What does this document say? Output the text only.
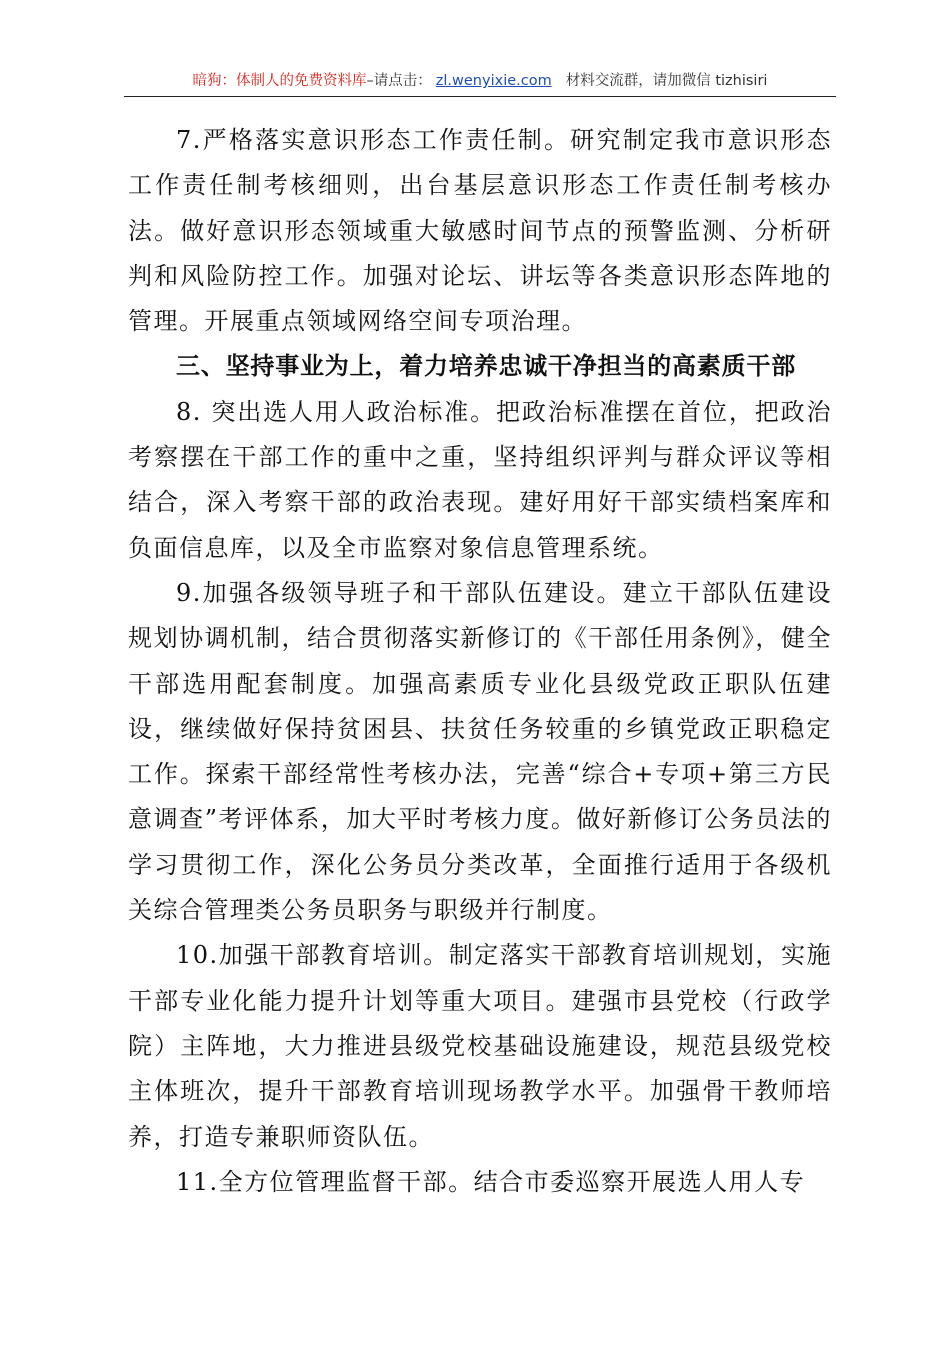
暗狗：体制人的免费资料库 –请点击： zl.wenyixie.com 材料交流群，请加微信 tizhisiri

7.严格落实意识形态工作责任制。研究制定我市意识形态工作责任制考核细则，出台基层意识形态工作责任制考核办法。做好意识形态领域重大敏感时间节点的预警监测、分析研判和风险防控工作。加强对论坛、讲坛等各类意识形态阵地的管理。开展重点领域网络空间专项治理。

三、坚持事业为上，着力培养忠诚干净担当的高素质干部

8. 突出选人用人政治标准。把政治标准摆在首位，把政治考察摆在干部工作的重中之重，坚持组织评判与群众评议等相结合，深入考察干部的政治表现。建好用好干部实绩档案库和负面信息库，以及全市监察对象信息管理系统。

9.加强各级领导班子和干部队伍建设。建立干部队伍建设规划协调机制，结合贯彻落实新修订的《干部任用条例》，健全干部选用配套制度。加强高素质专业化县级党政正职队伍建设，继续做好保持贫困县、扶贫任务较重的乡镇党政正职稳定工作。探索干部经常性考核办法，完善“综合+专项+第三方民意调查”考评体系，加大平时考核力度。做好新修订公务员法的学习贯彻工作，深化公务员分类改革，全面推行适用于各级机关综合管理类公务员职务与职级并行制度。

10.加强干部教育培训。制定落实干部教育培训规划，实施干部专业化能力提升计划等重大项目。建强市县党校（行政学院）主阵地，大力推进县级党校基础设施建设，规范县级党校主体班次，提升干部教育培训现场教学水平。加强骨干教师培养，打造专兼职师资队伍。

11.全方位管理监督干部。结合市委巡察开展选人用人专
